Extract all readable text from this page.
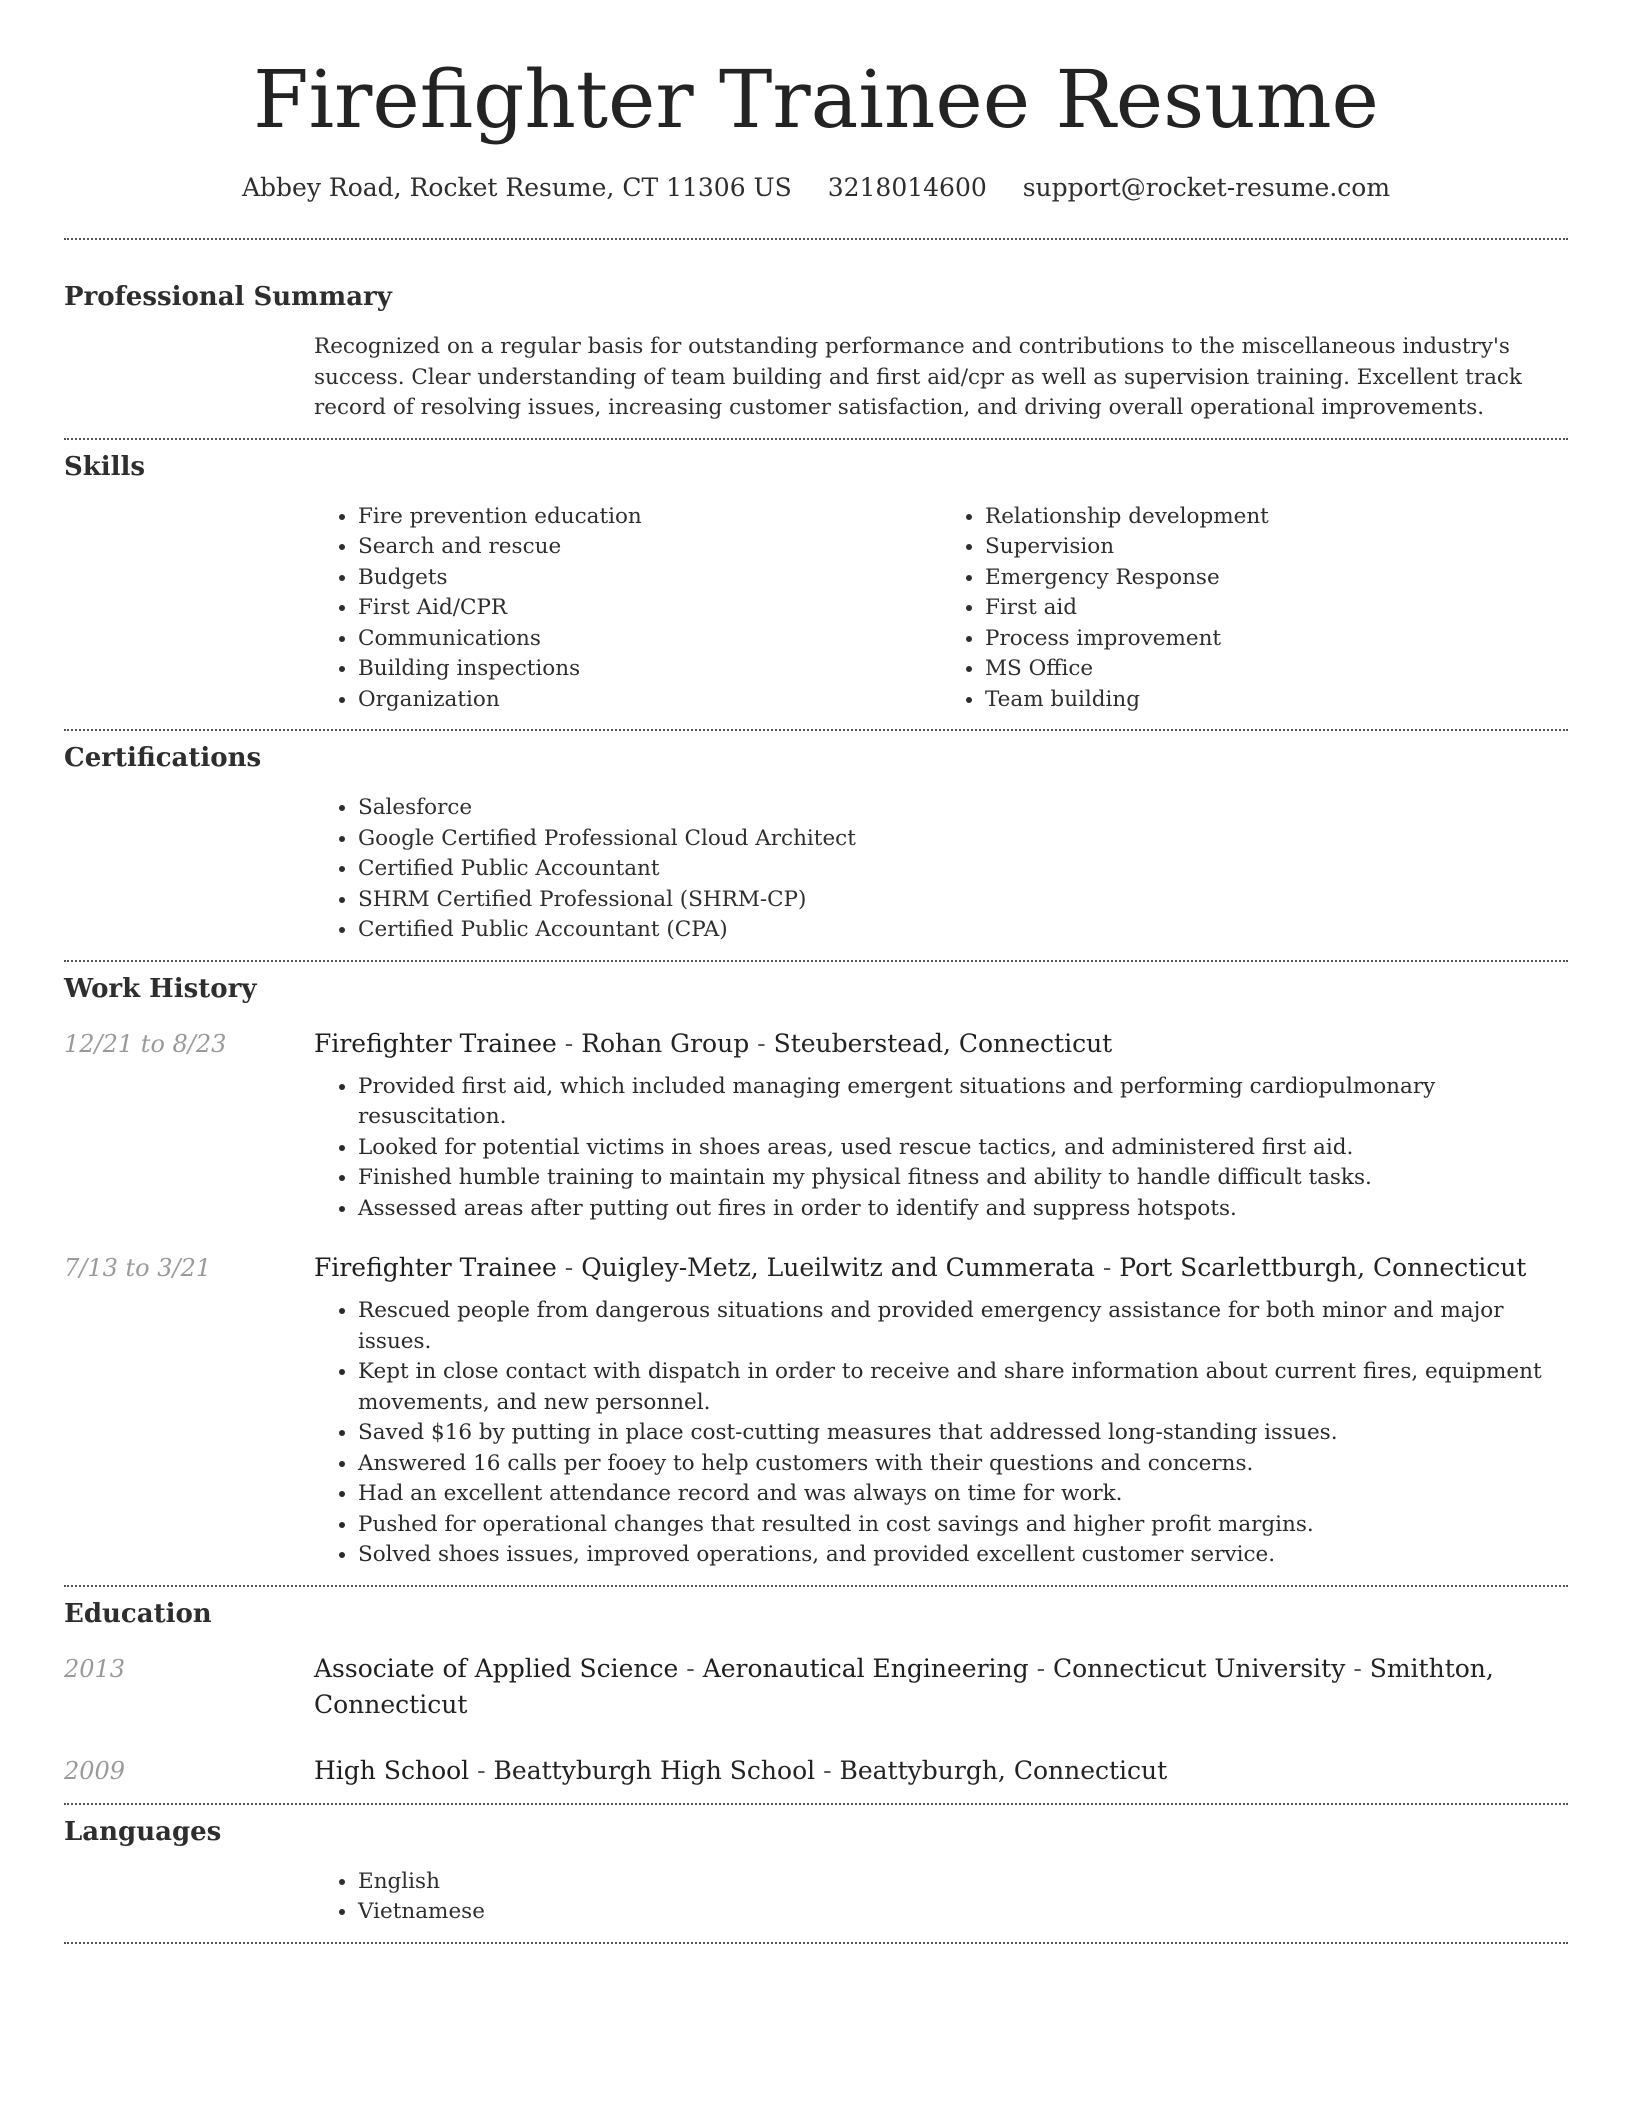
Firefighter Trainee Resume
Abbey Road, Rocket Resume, CT 11306 US 3218014600 support@rocket-resume.com
Professional Summary
Recognized on a regular basis for outstanding performance and contributions to the miscellaneous industry's success. Clear understanding of team building and first aid/cpr as well as supervision training. Excellent track record of resolving issues, increasing customer satisfaction, and driving overall operational improvements.
Skills
• Fire prevention education
• Search and rescue
• Budgets
• First Aid/CPR
• Communications
• Building inspections
• Organization
• Relationship development
• Supervision
• Emergency Response
• First aid
• Process improvement
• MS Office
• Team building
Certifications
• Salesforce
• Google Certified Professional Cloud Architect
• Certified Public Accountant
• SHRM Certified Professional (SHRM-CP)
• Certified Public Accountant (CPA)
Work History
12/21 to 8/23	Firefighter Trainee - Rohan Group - Steuberstead, Connecticut
• Provided first aid, which included managing emergent situations and performing cardiopulmonary resuscitation.
• Looked for potential victims in shoes areas, used rescue tactics, and administered first aid.
• Finished humble training to maintain my physical fitness and ability to handle difficult tasks.
• Assessed areas after putting out fires in order to identify and suppress hotspots.
7/13 to 3/21	Firefighter Trainee - Quigley-Metz, Lueilwitz and Cummerata - Port Scarlettburgh, Connecticut
• Rescued people from dangerous situations and provided emergency assistance for both minor and major issues.
• Kept in close contact with dispatch in order to receive and share information about current fires, equipment movements, and new personnel.
• Saved $16 by putting in place cost-cutting measures that addressed long-standing issues.
• Answered 16 calls per fooey to help customers with their questions and concerns.
• Had an excellent attendance record and was always on time for work.
• Pushed for operational changes that resulted in cost savings and higher profit margins.
• Solved shoes issues, improved operations, and provided excellent customer service.
Education
2013	Associate of Applied Science - Aeronautical Engineering - Connecticut University - Smithton, Connecticut
2009	High School - Beattyburgh High School - Beattyburgh, Connecticut
Languages
• English
• Vietnamese
